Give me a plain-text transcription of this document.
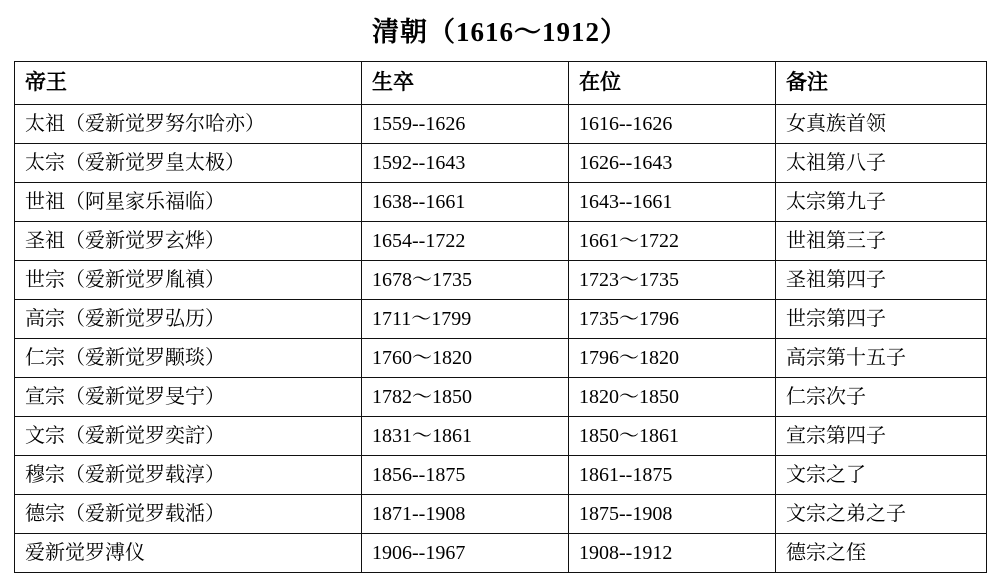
清朝（1616～1912）
帝王	生卒	在位	备注
太祖（爱新觉罗努尔哈亦）	1559--1626	1616--1626	女真族首领
太宗（爱新觉罗皇太极）	1592--1643	1626--1643	太祖第八子
世祖（阿星家乐福临）	1638--1661	1643--1661	太宗第九子
圣祖（爱新觉罗玄烨）	1654--1722	1661～1722	世祖第三子
世宗（爱新觉罗胤禛）	1678～1735	1723～1735	圣祖第四子
高宗（爱新觉罗弘历）	1711～1799	1735～1796	世宗第四子
仁宗（爱新觉罗颙琰）	1760～1820	1796～1820	高宗第十五子
宣宗（爱新觉罗旻宁）	1782～1850	1820～1850	仁宗次子
文宗（爱新觉罗奕詝）	1831～1861	1850～1861	宣宗第四子
穆宗（爱新觉罗载淳）	1856--1875	1861--1875	文宗之了
德宗（爱新觉罗载湉）	1871--1908	1875--1908	文宗之弟之子
爱新觉罗溥仪	1906--1967	1908--1912	德宗之侄
